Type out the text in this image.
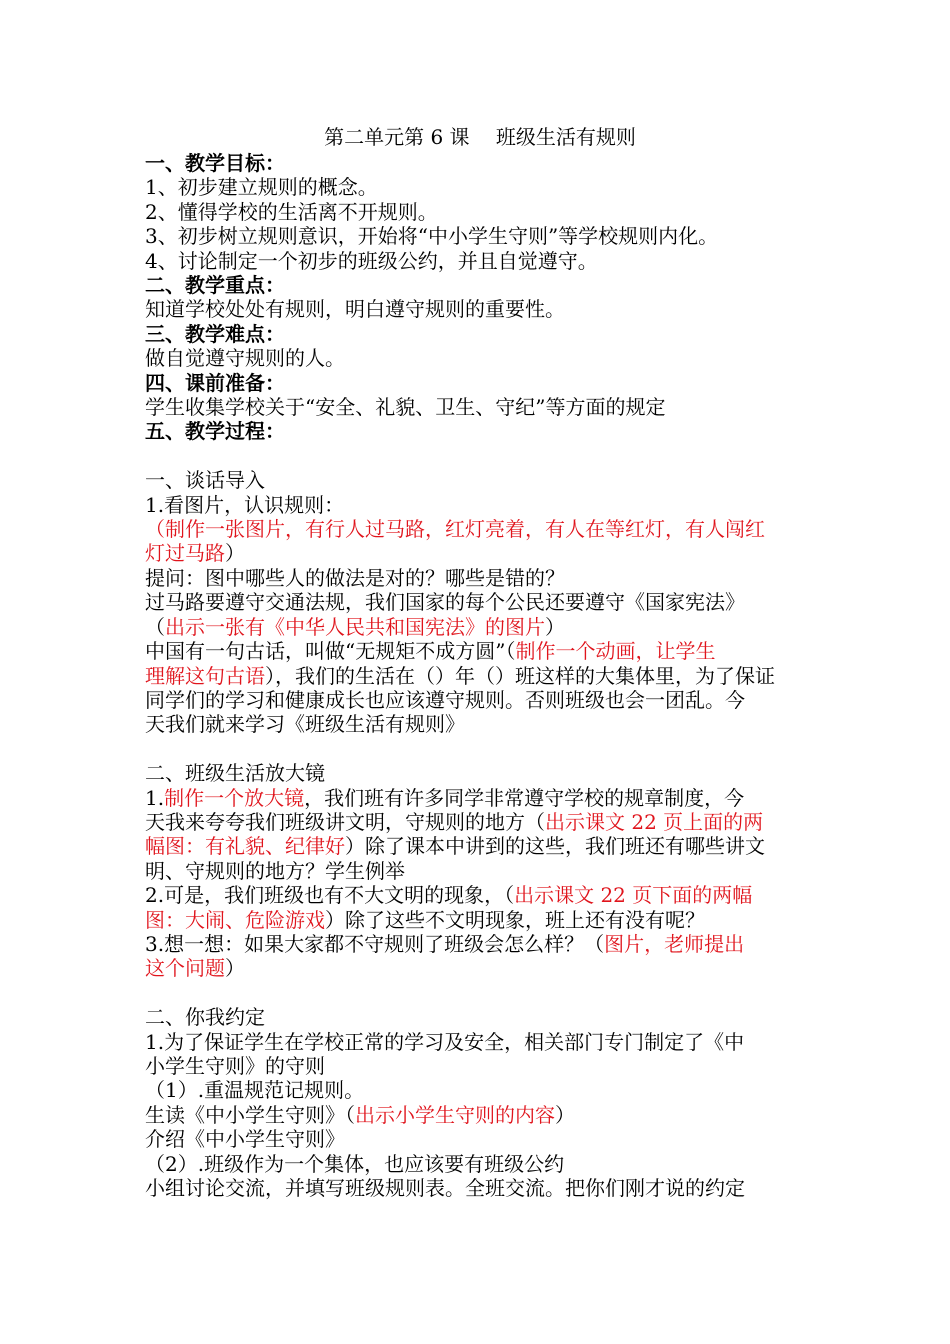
第二单元第 6 课　 班级生活有规则
一、教学目标：
1、初步建立规则的概念。
2、懂得学校的生活离不开规则。
3、初步树立规则意识，开始将“中小学生守则”等学校规则内化。
4、讨论制定一个初步的班级公约，并且自觉遵守。
二、教学重点：
知道学校处处有规则，明白遵守规则的重要性。
三、教学难点：
做自觉遵守规则的人。
四、课前准备：
学生收集学校关于“安全、礼貌、卫生、守纪”等方面的规定
五、教学过程：
一、谈话导入
1.看图片，认识规则：
（制作一张图片，有行人过马路，红灯亮着，有人在等红灯，有人闯红
灯过马路）
提问：图中哪些人的做法是对的？哪些是错的？
过马路要遵守交通法规，我们国家的每个公民还要遵守《国家宪法》
（出示一张有《中华人民共和国宪法》的图片）
中国有一句古话，叫做“无规矩不成方圆”（制作一个动画，让学生
理解这句古语），我们的生活在（）年（）班这样的大集体里，为了保证
同学们的学习和健康成长也应该遵守规则。否则班级也会一团乱。今
天我们就来学习《班级生活有规则》
二、班级生活放大镜
1.制作一个放大镜，我们班有许多同学非常遵守学校的规章制度，今
天我来夸夸我们班级讲文明，守规则的地方（出示课文 22 页上面的两
幅图：有礼貌、纪律好）除了课本中讲到的这些，我们班还有哪些讲文
明、守规则的地方？学生例举
2.可是，我们班级也有不大文明的现象，（出示课文 22 页下面的两幅
图：大闹、危险游戏）除了这些不文明现象，班上还有没有呢？
3.想一想：如果大家都不守规则了班级会怎么样？（图片，老师提出
这个问题）
二、你我约定
1.为了保证学生在学校正常的学习及安全，相关部门专门制定了《中
小学生守则》的守则
（1）.重温规范记规则。
生读《中小学生守则》（出示小学生守则的内容）
介绍《中小学生守则》
（2）.班级作为一个集体，也应该要有班级公约
小组讨论交流，并填写班级规则表。全班交流。把你们刚才说的约定
